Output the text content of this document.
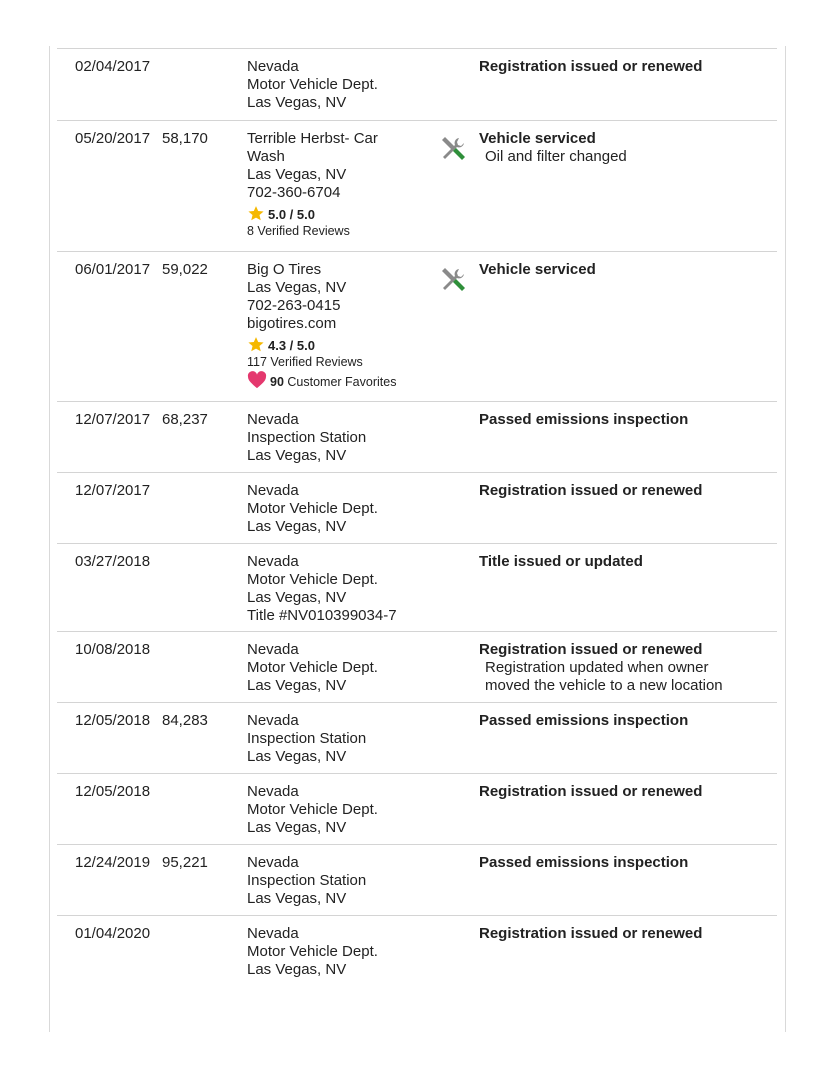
02/04/2017	Nevada
Motor Vehicle Dept.
Las Vegas, NV
Registration issued or renewed
05/20/2017 58,170	Terrible Herbst- Car Wash
Las Vegas, NV
702-360-6704
5.0 / 5.0
8 Verified Reviews
Vehicle serviced
Oil and filter changed
06/01/2017 59,022	Big O Tires
Las Vegas, NV
702-263-0415
bigotires.com
4.3 / 5.0
117 Verified Reviews
90 Customer Favorites
Vehicle serviced
12/07/2017 68,237	Nevada
Inspection Station
Las Vegas, NV
Passed emissions inspection
12/07/2017	Nevada
Motor Vehicle Dept.
Las Vegas, NV
Registration issued or renewed
03/27/2018	Nevada
Motor Vehicle Dept.
Las Vegas, NV
Title #NV010399034-7
Title issued or updated
10/08/2018	Nevada
Motor Vehicle Dept.
Las Vegas, NV
Registration issued or renewed
Registration updated when owner
moved the vehicle to a new location
12/05/2018 84,283	Nevada
Inspection Station
Las Vegas, NV
Passed emissions inspection
12/05/2018	Nevada
Motor Vehicle Dept.
Las Vegas, NV
Registration issued or renewed
12/24/2019 95,221	Nevada
Inspection Station
Las Vegas, NV
Passed emissions inspection
01/04/2020	Nevada
Motor Vehicle Dept.
Las Vegas, NV
Registration issued or renewed
